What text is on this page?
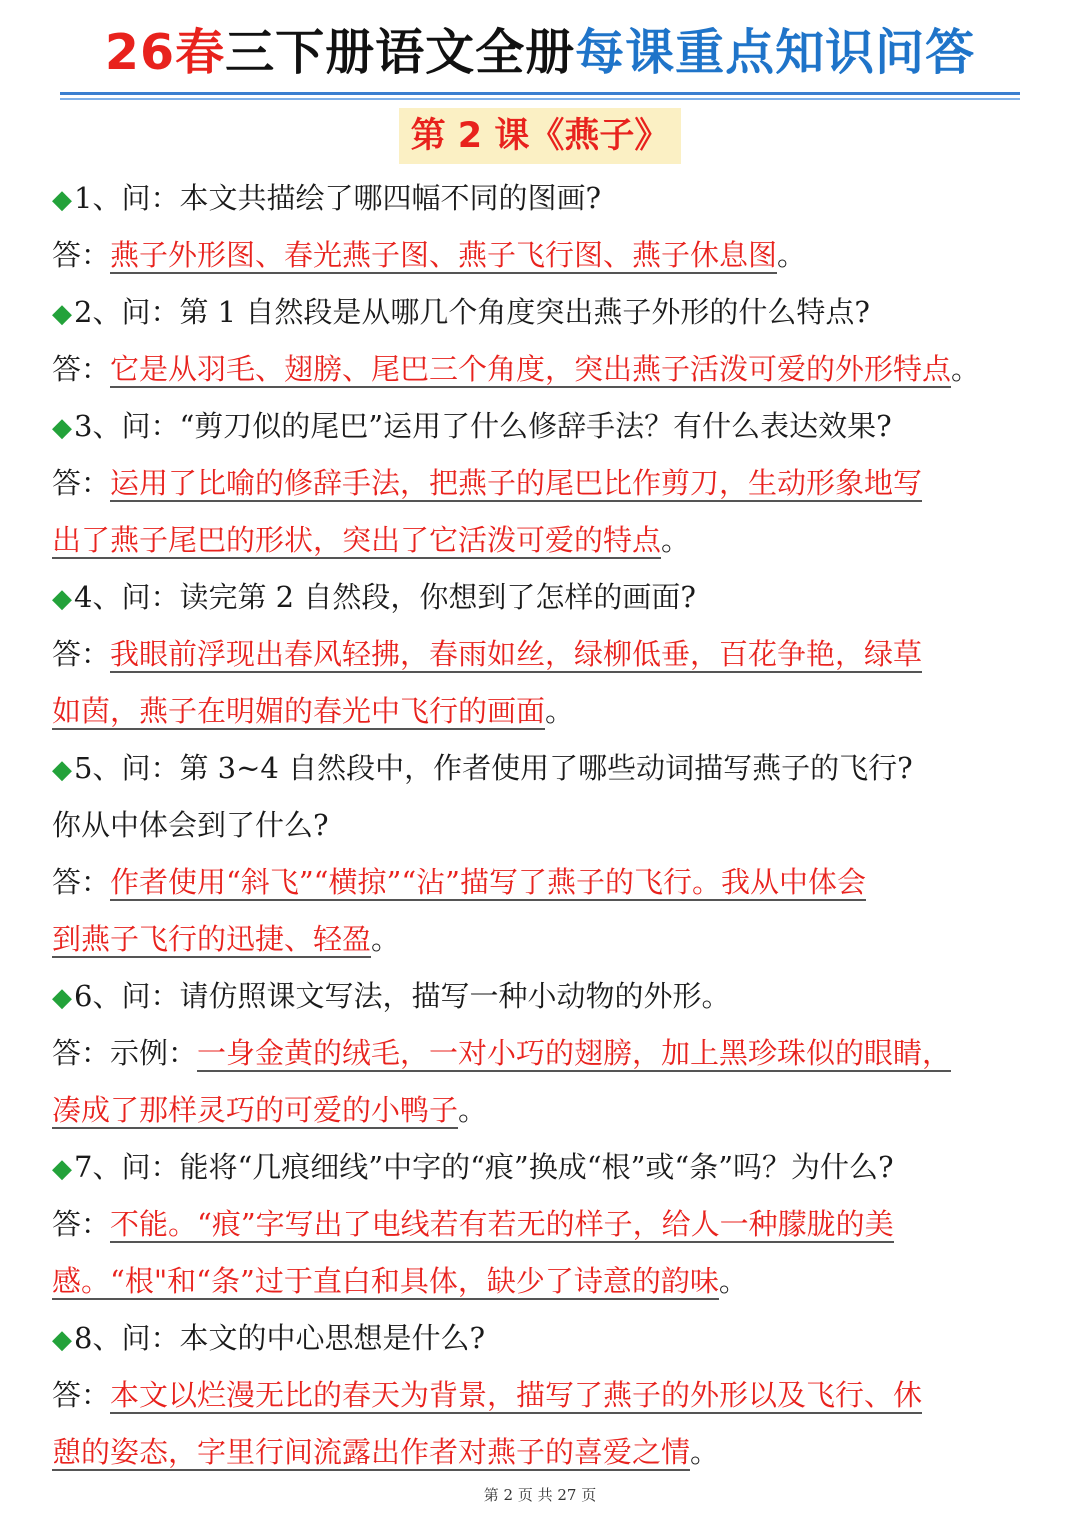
26春三下册语文全册每课重点知识问答
第 2 课《燕子》
◆1、问：本文共描绘了哪四幅不同的图画?
答：燕子外形图、春光燕子图、燕子飞行图、燕子休息图。
◆2、问：第 1 自然段是从哪几个角度突出燕子外形的什么特点?
答：它是从羽毛、翅膀、尾巴三个角度，突出燕子活泼可爱的外形特点。
◆3、问：“剪刀似的尾巴”运用了什么修辞手法？有什么表达效果?
答：运用了比喻的修辞手法，把燕子的尾巴比作剪刀，生动形象地写
出了燕子尾巴的形状，突出了它活泼可爱的特点。
◆4、问：读完第 2 自然段，你想到了怎样的画面?
答：我眼前浮现出春风轻拂，春雨如丝，绿柳低垂，百花争艳，绿草
如茵，燕子在明媚的春光中飞行的画面。
◆5、问：第 3~4 自然段中，作者使用了哪些动词描写燕子的飞行?
你从中体会到了什么?
答：作者使用“斜飞”“横掠”“沾”描写了燕子的飞行。我从中体会
到燕子飞行的迅捷、轻盈。
◆6、问：请仿照课文写法，描写一种小动物的外形。
答：示例：一身金黄的绒毛，一对小巧的翅膀，加上黑珍珠似的眼睛，
凑成了那样灵巧的可爱的小鸭子。
◆7、问：能将“几痕细线”中字的“痕”换成“根”或“条”吗？为什么?
答：不能。“痕”字写出了电线若有若无的样子，给人一种朦胧的美
感。“根"和“条”过于直白和具体，缺少了诗意的韵味。
◆8、问：本文的中心思想是什么?
答：本文以烂漫无比的春天为背景，描写了燕子的外形以及飞行、休
憩的姿态，字里行间流露出作者对燕子的喜爱之情。
第 2 页 共 27 页
